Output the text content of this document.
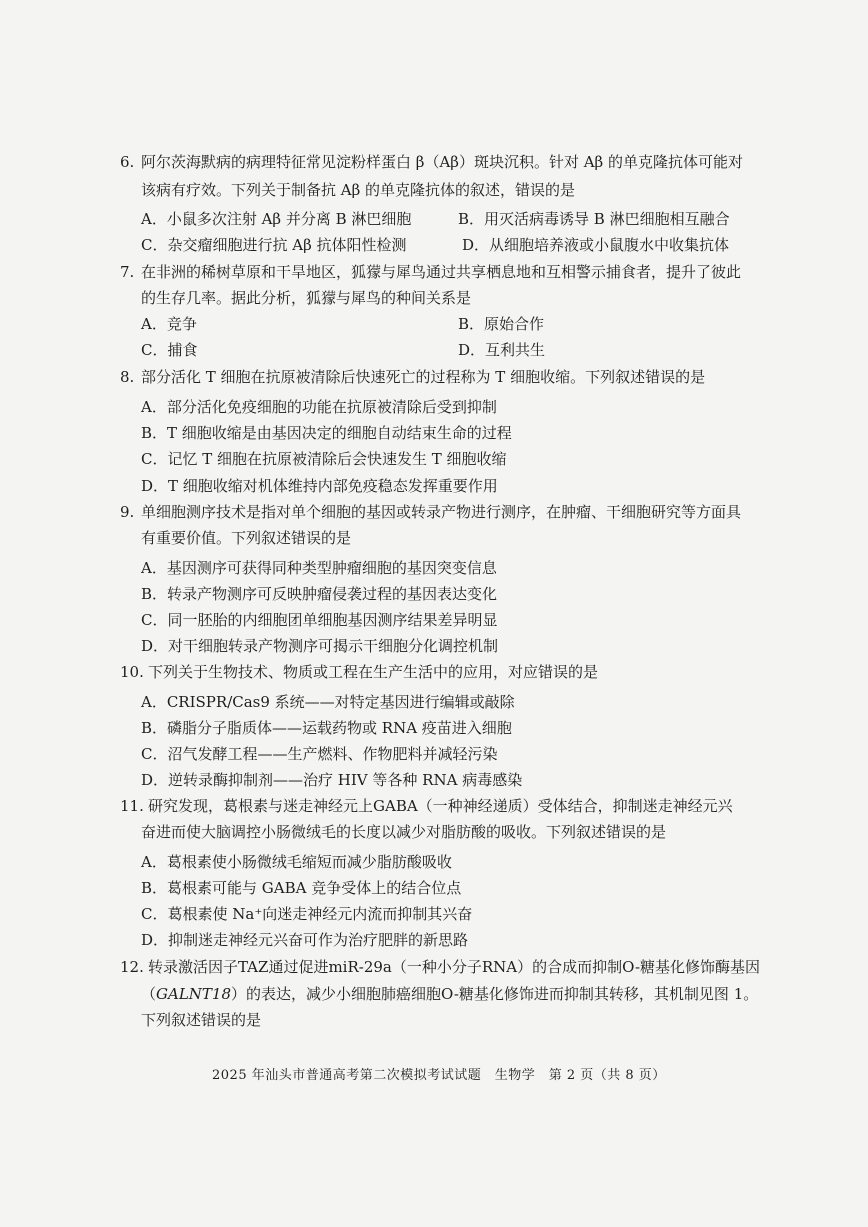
6. 阿尔茨海默病的病理特征常见淀粉样蛋白 β（Aβ）斑块沉积。针对 Aβ 的单克隆抗体可能对
该病有疗效。下列关于制备抗 Aβ 的单克隆抗体的叙述，错误的是
A．小鼠多次注射 Aβ 并分离 B 淋巴细胞	B．用灭活病毒诱导 B 淋巴细胞相互融合
C．杂交瘤细胞进行抗 Aβ 抗体阳性检测	D．从细胞培养液或小鼠腹水中收集抗体
7. 在非洲的稀树草原和干旱地区，狐獴与犀鸟通过共享栖息地和互相警示捕食者，提升了彼此
的生存几率。据此分析，狐獴与犀鸟的种间关系是
A．竞争	B．原始合作
C．捕食	D．互利共生
8. 部分活化 T 细胞在抗原被清除后快速死亡的过程称为 T 细胞收缩。下列叙述错误的是
A．部分活化免疫细胞的功能在抗原被清除后受到抑制
B．T 细胞收缩是由基因决定的细胞自动结束生命的过程
C．记忆 T 细胞在抗原被清除后会快速发生 T 细胞收缩
D．T 细胞收缩对机体维持内部免疫稳态发挥重要作用
9. 单细胞测序技术是指对单个细胞的基因或转录产物进行测序，在肿瘤、干细胞研究等方面具
有重要价值。下列叙述错误的是
A．基因测序可获得同种类型肿瘤细胞的基因突变信息
B．转录产物测序可反映肿瘤侵袭过程的基因表达变化
C．同一胚胎的内细胞团单细胞基因测序结果差异明显
D．对干细胞转录产物测序可揭示干细胞分化调控机制
10. 下列关于生物技术、物质或工程在生产生活中的应用，对应错误的是
A．CRISPR/Cas9 系统——对特定基因进行编辑或敲除
B．磷脂分子脂质体——运载药物或 RNA 疫苗进入细胞
C．沼气发酵工程——生产燃料、作物肥料并减轻污染
D．逆转录酶抑制剂——治疗 HIV 等各种 RNA 病毒感染
11. 研究发现，葛根素与迷走神经元上GABA（一种神经递质）受体结合，抑制迷走神经元兴
奋进而使大脑调控小肠微绒毛的长度以减少对脂肪酸的吸收。下列叙述错误的是
A．葛根素使小肠微绒毛缩短而减少脂肪酸吸收
B．葛根素可能与 GABA 竞争受体上的结合位点
C．葛根素使 Na⁺向迷走神经元内流而抑制其兴奋
D．抑制迷走神经元兴奋可作为治疗肥胖的新思路
12. 转录激活因子TAZ通过促进miR-29a（一种小分子RNA）的合成而抑制O-糖基化修饰酶基因
（GALNT18）的表达，减少小细胞肺癌细胞O-糖基化修饰进而抑制其转移，其机制见图 1。
下列叙述错误的是
2025 年汕头市普通高考第二次模拟考试试题　生物学　第 2 页（共 8 页）
